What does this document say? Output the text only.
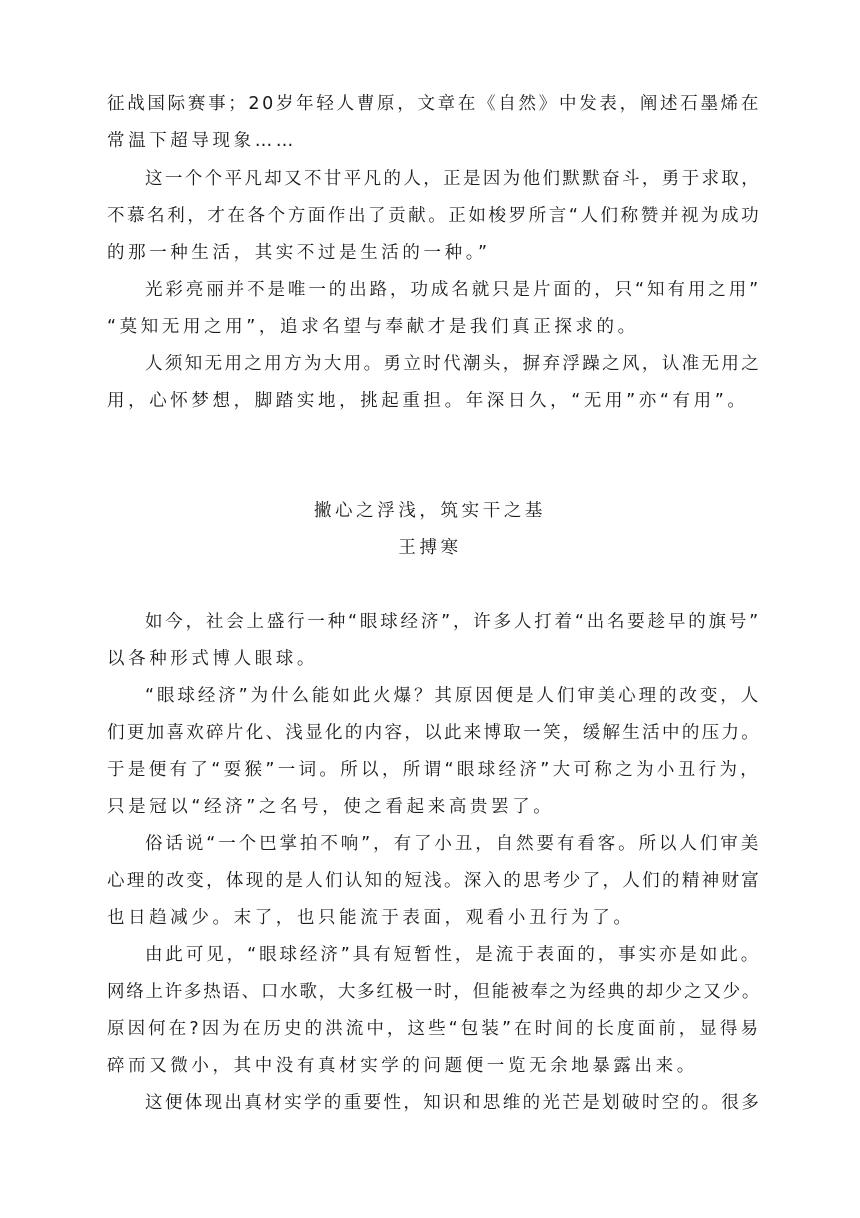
征战国际赛事；20岁年轻人曹原，文章在《自然》中发表，阐述石墨烯在

常温下超导现象……

这一个个平凡却又不甘平凡的人，正是因为他们默默奋斗，勇于求取，

不慕名利，才在各个方面作出了贡献。正如梭罗所言“人们称赞并视为成功

的那一种生活，其实不过是生活的一种。”

光彩亮丽并不是唯一的出路，功成名就只是片面的，只“知有用之用”

“莫知无用之用”，追求名望与奉献才是我们真正探求的。

人须知无用之用方为大用。勇立时代潮头，摒弃浮躁之风，认准无用之

用，心怀梦想，脚踏实地，挑起重担。年深日久，“无用”亦“有用”。

撇心之浮浅，筑实干之基

王搏寒

如今，社会上盛行一种“眼球经济”，许多人打着“出名要趁早的旗号”

以各种形式博人眼球。

“眼球经济”为什么能如此火爆？其原因便是人们审美心理的改变，人

们更加喜欢碎片化、浅显化的内容，以此来博取一笑，缓解生活中的压力。

于是便有了“耍猴”一词。所以，所谓“眼球经济”大可称之为小丑行为，

只是冠以“经济”之名号，使之看起来高贵罢了。

俗话说“一个巴掌拍不响”，有了小丑，自然要有看客。所以人们审美

心理的改变，体现的是人们认知的短浅。深入的思考少了，人们的精神财富

也日趋减少。末了，也只能流于表面，观看小丑行为了。

由此可见，“眼球经济”具有短暂性，是流于表面的，事实亦是如此。

网络上许多热语、口水歌，大多红极一时，但能被奉之为经典的却少之又少。

原因何在?因为在历史的洪流中，这些“包装”在时间的长度面前，显得易

碎而又微小，其中没有真材实学的问题便一览无余地暴露出来。

这便体现出真材实学的重要性，知识和思维的光芒是划破时空的。很多
